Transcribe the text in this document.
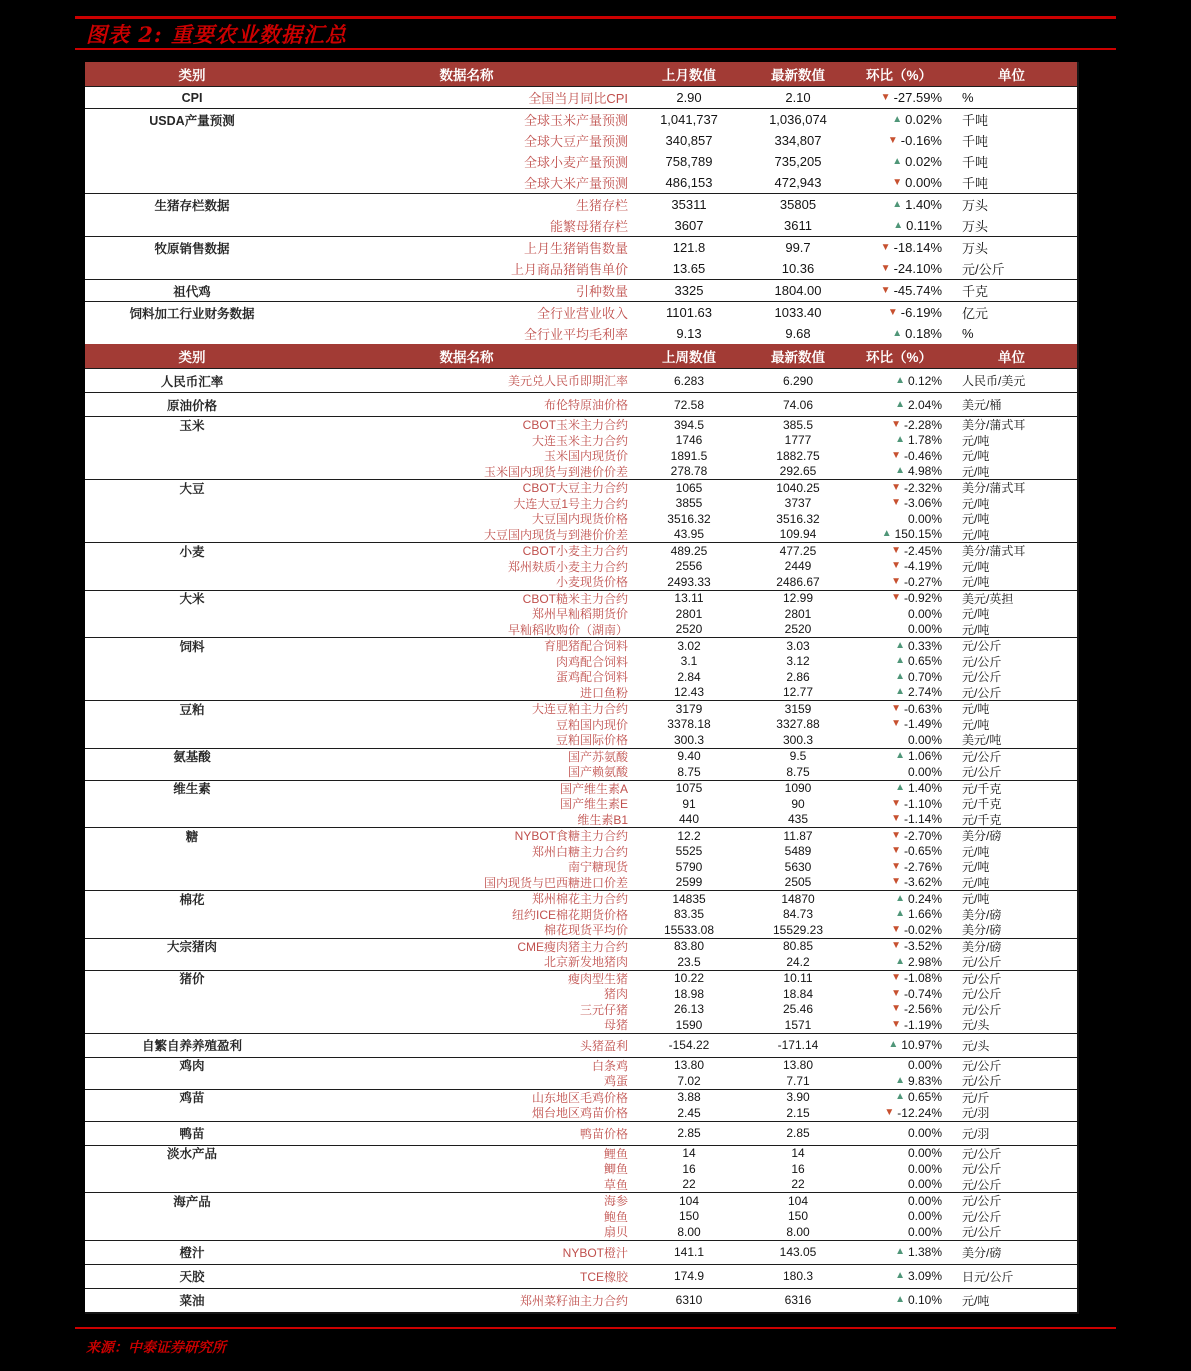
图表 2: 重要农业数据汇总
类别	数据名称	上月数值	最新数值	环比（%）	单位
CPI	全国当月同比CPI	2.90	2.10	▼ -27.59%	%
USDA产量预测	全球玉米产量预测	1,041,737	1,036,074	▲ 0.02%	千吨
全球大豆产量预测	340,857	334,807	▼ -0.16%	千吨
全球小麦产量预测	758,789	735,205	▲ 0.02%	千吨
全球大米产量预测	486,153	472,943	▼ 0.00%	千吨
生猪存栏数据	生猪存栏	35311	35805	▲ 1.40%	万头
能繁母猪存栏	3607	3611	▲ 0.11%	万头
牧原销售数据	上月生猪销售数量	121.8	99.7	▼ -18.14%	万头
上月商品猪销售单价	13.65	10.36	▼ -24.10%	元/公斤
祖代鸡	引种数量	3325	1804.00	▼ -45.74%	千克
饲料加工行业财务数据	全行业营业收入	1101.63	1033.40	▼ -6.19%	亿元
全行业平均毛利率	9.13	9.68	▲ 0.18%	%
类别	数据名称	上周数值	最新数值	环比（%）	单位
人民币汇率	美元兑人民币即期汇率	6.283	6.290	▲ 0.12%	人民币/美元
原油价格	布伦特原油价格	72.58	74.06	▲ 2.04%	美元/桶
玉米	CBOT玉米主力合约	394.5	385.5	▼ -2.28%	美分/蒲式耳
大连玉米主力合约	1746	1777	▲ 1.78%	元/吨
玉米国内现货价	1891.5	1882.75	▼ -0.46%	元/吨
玉米国内现货与到港价价差	278.78	292.65	▲ 4.98%	元/吨
大豆	CBOT大豆主力合约	1065	1040.25	▼ -2.32%	美分/蒲式耳
大连大豆1号主力合约	3855	3737	▼ -3.06%	元/吨
大豆国内现货价格	3516.32	3516.32	0.00%	元/吨
大豆国内现货与到港价价差	43.95	109.94	▲ 150.15%	元/吨
小麦	CBOT小麦主力合约	489.25	477.25	▼ -2.45%	美分/蒲式耳
郑州麸质小麦主力合约	2556	2449	▼ -4.19%	元/吨
小麦现货价格	2493.33	2486.67	▼ -0.27%	元/吨
大米	CBOT糙米主力合约	13.11	12.99	▼ -0.92%	美元/英担
郑州早籼稻期货价	2801	2801	0.00%	元/吨
早籼稻收购价（湖南）	2520	2520	0.00%	元/吨
饲料	育肥猪配合饲料	3.02	3.03	▲ 0.33%	元/公斤
肉鸡配合饲料	3.1	3.12	▲ 0.65%	元/公斤
蛋鸡配合饲料	2.84	2.86	▲ 0.70%	元/公斤
进口鱼粉	12.43	12.77	▲ 2.74%	元/公斤
豆粕	大连豆粕主力合约	3179	3159	▼ -0.63%	元/吨
豆粕国内现价	3378.18	3327.88	▼ -1.49%	元/吨
豆粕国际价格	300.3	300.3	0.00%	美元/吨
氨基酸	国产苏氨酸	9.40	9.5	▲ 1.06%	元/公斤
国产赖氨酸	8.75	8.75	0.00%	元/公斤
维生素	国产维生素A	1075	1090	▲ 1.40%	元/千克
国产维生素E	91	90	▼ -1.10%	元/千克
维生素B1	440	435	▼ -1.14%	元/千克
糖	NYBOT食糖主力合约	12.2	11.87	▼ -2.70%	美分/磅
郑州白糖主力合约	5525	5489	▼ -0.65%	元/吨
南宁糖现货	5790	5630	▼ -2.76%	元/吨
国内现货与巴西糖进口价差	2599	2505	▼ -3.62%	元/吨
棉花	郑州棉花主力合约	14835	14870	▲ 0.24%	元/吨
纽约ICE棉花期货价格	83.35	84.73	▲ 1.66%	美分/磅
棉花现货平均价	15533.08	15529.23	▼ -0.02%	美分/磅
大宗猪肉	CME瘦肉猪主力合约	83.80	80.85	▼ -3.52%	美分/磅
北京新发地猪肉	23.5	24.2	▲ 2.98%	元/公斤
猪价	瘦肉型生猪	10.22	10.11	▼ -1.08%	元/公斤
猪肉	18.98	18.84	▼ -0.74%	元/公斤
三元仔猪	26.13	25.46	▼ -2.56%	元/公斤
母猪	1590	1571	▼ -1.19%	元/头
自繁自养养殖盈利	头猪盈利	-154.22	-171.14	▲ 10.97%	元/头
鸡肉	白条鸡	13.80	13.80	0.00%	元/公斤
鸡蛋	7.02	7.71	▲ 9.83%	元/公斤
鸡苗	山东地区毛鸡价格	3.88	3.90	▲ 0.65%	元/斤
烟台地区鸡苗价格	2.45	2.15	▼ -12.24%	元/羽
鸭苗	鸭苗价格	2.85	2.85	0.00%	元/羽
淡水产品	鲤鱼	14	14	0.00%	元/公斤
鲫鱼	16	16	0.00%	元/公斤
草鱼	22	22	0.00%	元/公斤
海产品	海参	104	104	0.00%	元/公斤
鲍鱼	150	150	0.00%	元/公斤
扇贝	8.00	8.00	0.00%	元/公斤
橙汁	NYBOT橙汁	141.1	143.05	▲ 1.38%	美分/磅
天胶	TCE橡胶	174.9	180.3	▲ 3.09%	日元/公斤
菜油	郑州菜籽油主力合约	6310	6316	▲ 0.10%	元/吨
来源：中泰证券研究所
